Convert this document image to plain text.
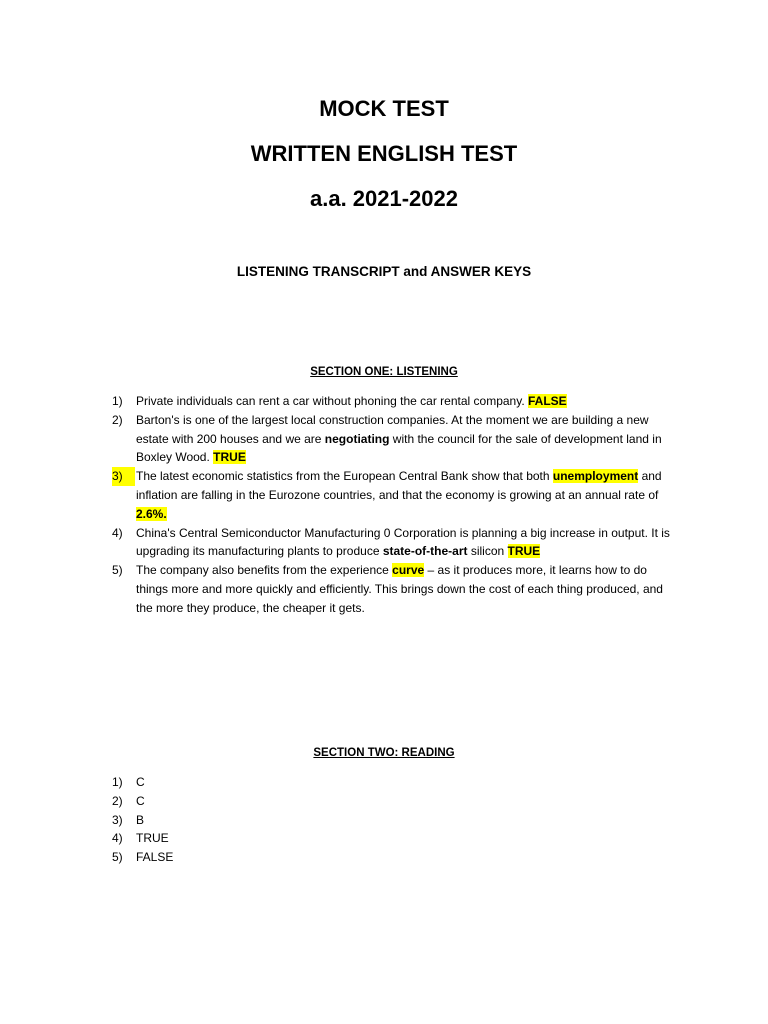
MOCK TEST
WRITTEN ENGLISH TEST
a.a. 2021-2022
LISTENING TRANSCRIPT and ANSWER KEYS
SECTION ONE: LISTENING
1) Private individuals can rent a car without phoning the car rental company. FALSE
2) Barton's is one of the largest local construction companies. At the moment we are building a new estate with 200 houses and we are negotiating with the council for the sale of development land in Boxley Wood. TRUE
3)	The latest economic statistics from the European Central Bank show that both unemployment and inflation are falling in the Eurozone countries, and that the economy is growing at an annual rate of 2.6%.
4) China's Central Semiconductor Manufacturing 0 Corporation is planning a big increase in output. It is upgrading its manufacturing plants to produce state-of-the-art silicon TRUE
5) The company also benefits from the experience curve – as it produces more, it learns how to do things more and more quickly and efficiently. This brings down the cost of each thing produced, and the more they produce, the cheaper it gets.
SECTION TWO: READING
1) C
2) C
3) B
4) TRUE
5) FALSE
